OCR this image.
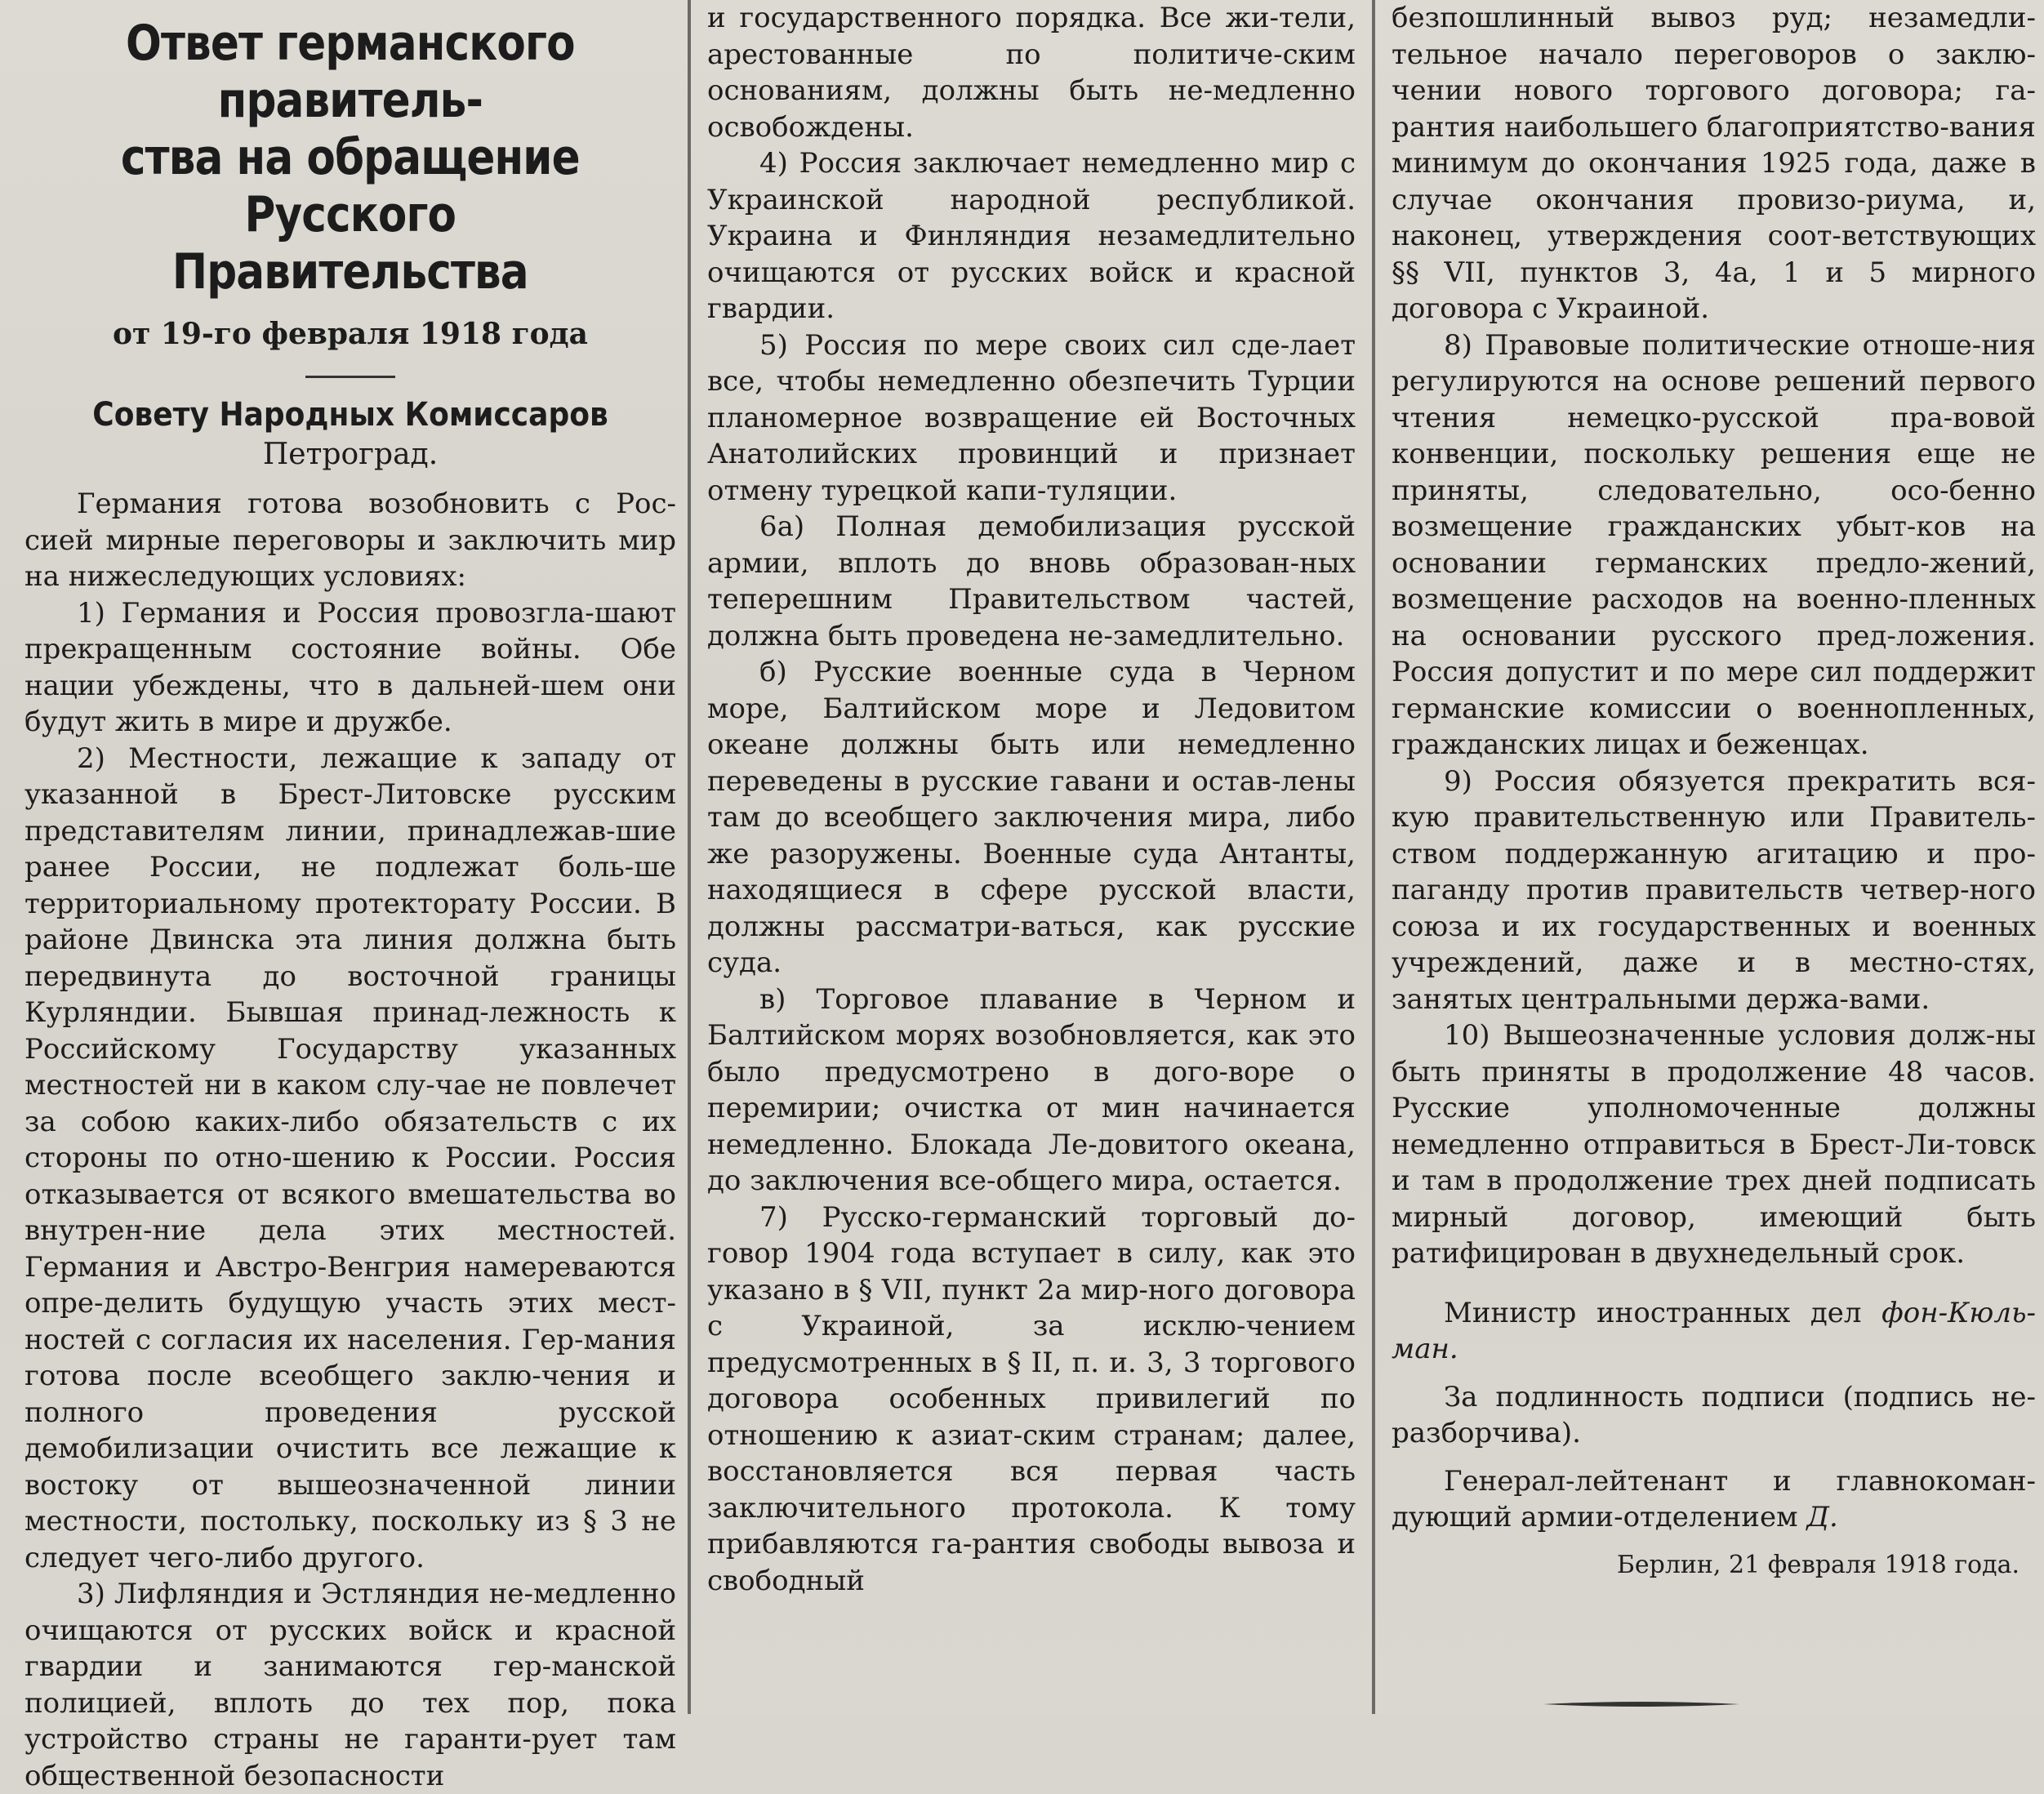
Ответ германского правитель-
ства на обращение Русского
Правительства
от 19-го февраля 1918 года
Совету Народных Комиссаров
Петроград.

Германия готова возобновить с Рос-сией мирные переговоры и заключить мир на нижеследующих условиях:

1) Германия и Россия провозгла-шают прекращенным состояние войны. Обе нации убеждены, что в дальней-шем они будут жить в мире и дружбе.

2) Местности, лежащие к западу от указанной в Брест-Литовске русским представителям линии, принадлежав-шие ранее России, не подлежат боль-ше территориальному протекторату России. В районе Двинска эта линия должна быть передвинута до восточной границы Курляндии. Бывшая принад-лежность к Российскому Государству указанных местностей ни в каком слу-чае не повлечет за собою каких-либо обязательств с их стороны по отно-шению к России. Россия отказывается от всякого вмешательства во внутрен-ние дела этих местностей. Германия и Австро-Венгрия намереваются опре-делить будущую участь этих мест-ностей с согласия их населения. Гер-мания готова после всеобщего заклю-чения и полного проведения русской демобилизации очистить все лежащие к востоку от вышеозначенной линии местности, постольку, поскольку из § 3 не следует чего-либо другого.

3) Лифляндия и Эстляндия не-медленно очищаются от русских войск и красной гвардии и занимаются гер-манской полицией, вплоть до тех пор, пока устройство страны не гаранти-рует там общественной безопасности

и государственного порядка. Все жи-тели, арестованные по политиче-ским основаниям, должны быть не-медленно освобождены.

4) Россия заключает немедленно мир с Украинской народной республикой. Украина и Финляндия незамедлительно очищаются от русских войск и красной гвардии.

5) Россия по мере своих сил сде-лает все, чтобы немедленно обезпечить Турции планомерное возвращение ей Восточных Анатолийских провинций и признает отмену турецкой капи-туляции.

6а) Полная демобилизация русской армии, вплоть до вновь образован-ных теперешним Правительством частей, должна быть проведена не-замедлительно.

б) Русские военные суда в Черном море, Балтийском море и Ледовитом океане должны быть или немедленно переведены в русские гавани и остав-лены там до всеобщего заключения мира, либо же разоружены. Военные суда Антанты, находящиеся в сфере русской власти, должны рассматри-ваться, как русские суда.

в) Торговое плавание в Черном и Балтийском морях возобновляется, как это было предусмотрено в дого-воре о перемирии; очистка от мин начинается немедленно. Блокада Ле-довитого океана, до заключения все-общего мира, остается.

7) Русско-германский торговый до-говор 1904 года вступает в силу, как это указано в § VII, пункт 2а мир-ного договора с Украиной, за исклю-чением предусмотренных в § II, п. и. 3, 3 торгового договора особенных привилегий по отношению к азиат-ским странам; далее, восстановляется вся первая часть заключительного протокола. К тому прибавляются га-рантия свободы вывоза и свободный

безпошлинный вывоз руд; незамедли-тельное начало переговоров о заклю-чении нового торгового договора; га-рантия наибольшего благоприятство-вания минимум до окончания 1925 года, даже в случае окончания провизо-риума, и, наконец, утверждения соот-ветствующих §§ VII, пунктов 3, 4а, 1 и 5 мирного договора с Украиной.

8) Правовые политические отноше-ния регулируются на основе решений первого чтения немецко-русской пра-вовой конвенции, поскольку решения еще не приняты, следовательно, осо-бенно возмещение гражданских убыт-ков на основании германских предло-жений, возмещение расходов на военно-пленных на основании русского пред-ложения. Россия допустит и по мере сил поддержит германские комиссии о военнопленных, гражданских лицах и беженцах.

9) Россия обязуется прекратить вся-кую правительственную или Правитель-ством поддержанную агитацию и про-паганду против правительств четвер-ного союза и их государственных и военных учреждений, даже и в местно-стях, занятых центральными держа-вами.

10) Вышеозначенные условия долж-ны быть приняты в продолжение 48 часов. Русские уполномоченные должны немедленно отправиться в Брест-Ли-товск и там в продолжение трех дней подписать мирный договор, имеющий быть ратифицирован в двухнедельный срок.

Министр иностранных дел фон-Кюль-ман.

За подлинность подписи (подпись не-разборчива).

Генерал-лейтенант и главнокоман-дующий армии-отделением Д.

Берлин, 21 февраля 1918 года.
